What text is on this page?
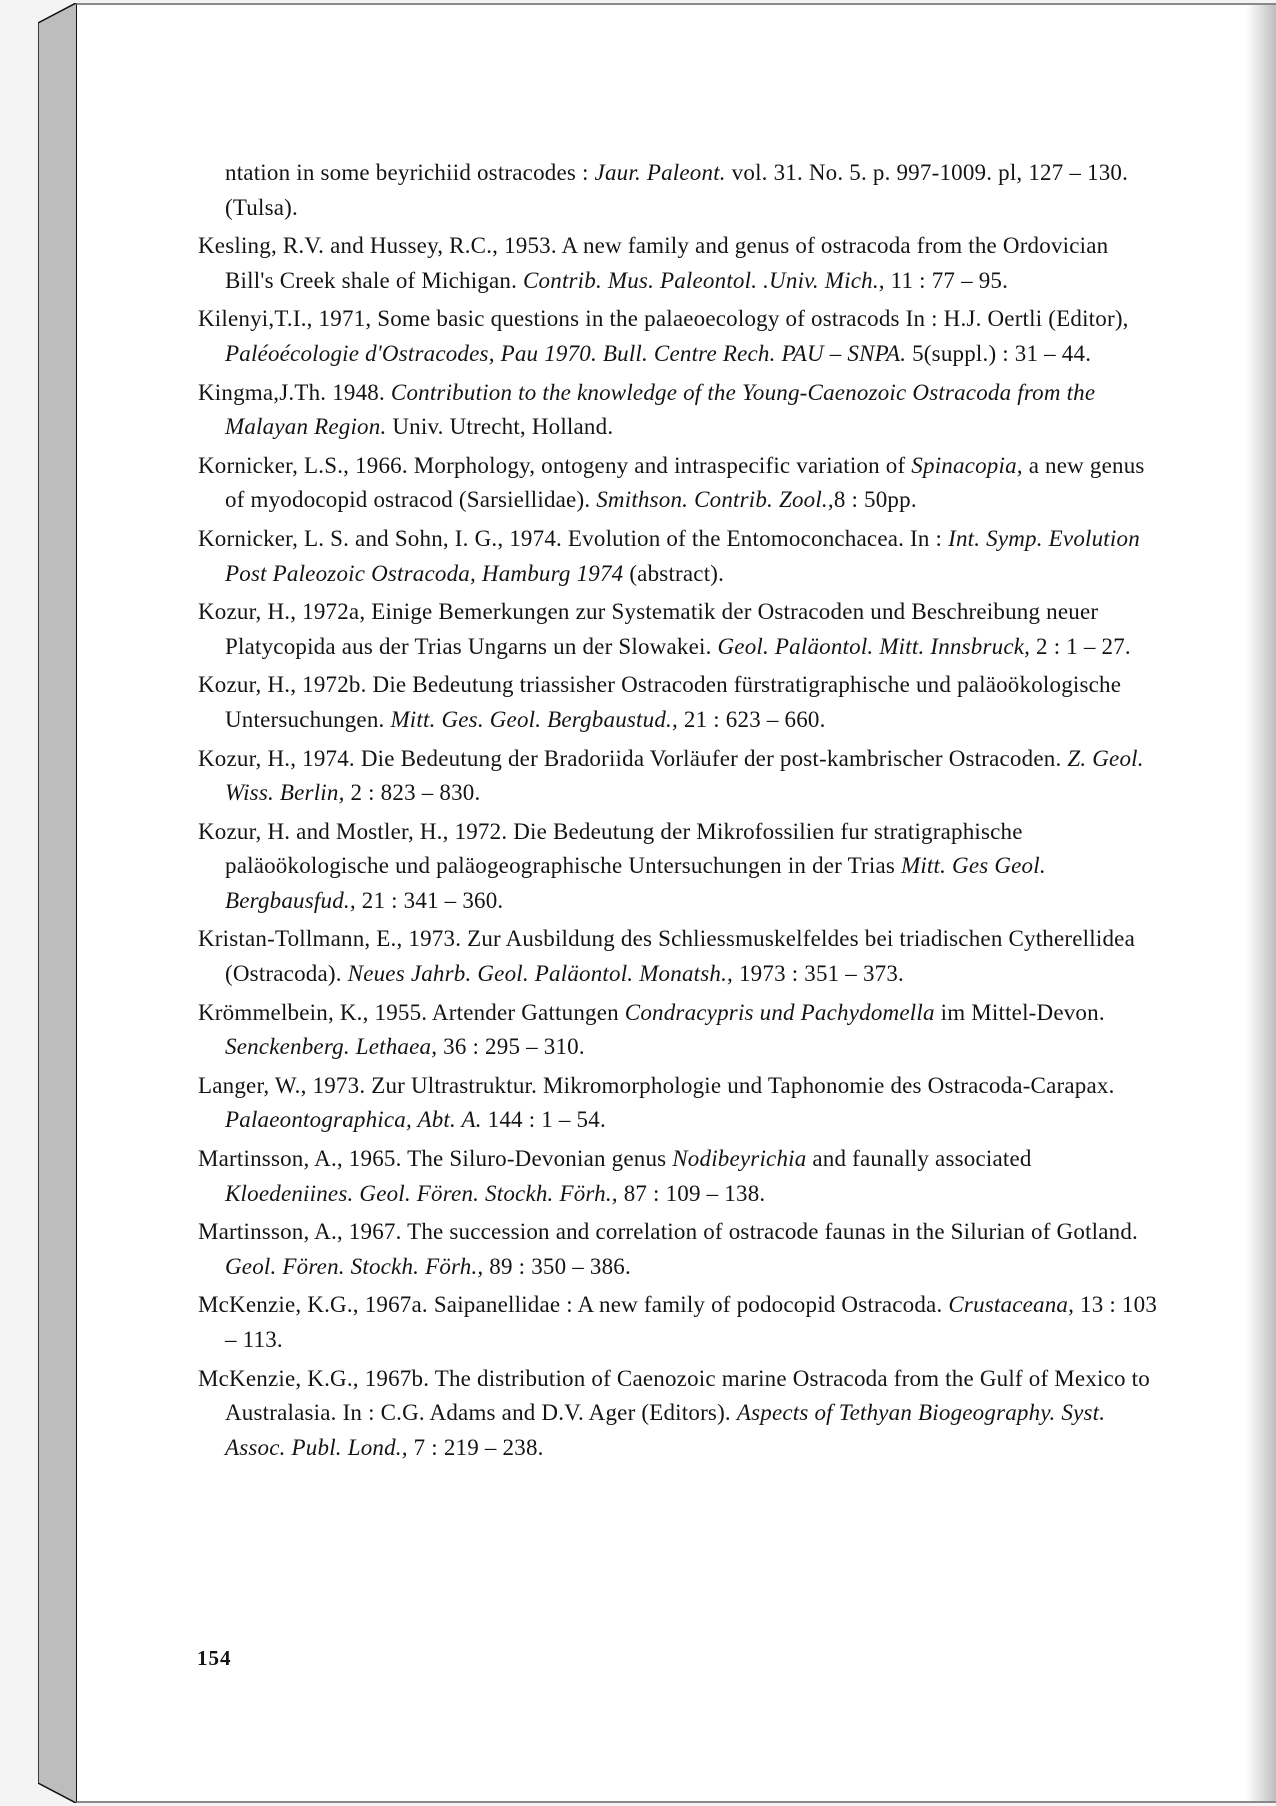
ntation in some beyrichiid ostracodes : Jaur. Paleont. vol. 31. No. 5. p. 997-1009. pl, 127 – 130. (Tulsa).

Kesling, R.V. and Hussey, R.C., 1953. A new family and genus of ostracoda from the Ordovician Bill's Creek shale of Michigan. Contrib. Mus. Paleontol. .Univ. Mich., 11 : 77 – 95.

Kilenyi,T.I., 1971, Some basic questions in the palaeoecology of ostracods In : H.J. Oertli (Editor), Paléoécologie d'Ostracodes, Pau 1970. Bull. Centre Rech. PAU – SNPA. 5(suppl.) : 31 – 44.

Kingma,J.Th. 1948. Contribution to the knowledge of the Young-Caenozoic Ostracoda from the Malayan Region. Univ. Utrecht, Holland.

Kornicker, L.S., 1966. Morphology, ontogeny and intraspecific variation of Spinacopia, a new genus of myodocopid ostracod (Sarsiellidae). Smithson. Contrib. Zool.,8 : 50pp.

Kornicker, L. S. and Sohn, I. G., 1974. Evolution of the Entomoconchacea. In : Int. Symp. Evolution Post Paleozoic Ostracoda, Hamburg 1974 (abstract).

Kozur, H., 1972a, Einige Bemerkungen zur Systematik der Ostracoden und Beschreibung neuer Platycopida aus der Trias Ungarns un der Slowakei. Geol. Paläontol. Mitt. Innsbruck, 2 : 1 – 27.

Kozur, H., 1972b. Die Bedeutung triassisher Ostracoden fürstratigraphische und paläoökologische Untersuchungen. Mitt. Ges. Geol. Bergbaustud., 21 : 623 – 660.

Kozur, H., 1974. Die Bedeutung der Bradoriida Vorläufer der post-kambrischer Ostracoden. Z. Geol. Wiss. Berlin, 2 : 823 – 830.

Kozur, H. and Mostler, H., 1972. Die Bedeutung der Mikrofossilien fur stratigraphische paläoökologische und paläogeographische Untersuchungen in der Trias Mitt. Ges Geol. Bergbausfud., 21 : 341 – 360.

Kristan-Tollmann, E., 1973. Zur Ausbildung des Schliessmuskelfeldes bei triadischen Cytherellidea (Ostracoda). Neues Jahrb. Geol. Paläontol. Monatsh., 1973 : 351 – 373.

Krömmelbein, K., 1955. Artender Gattungen Condracypris und Pachydomella im Mittel-Devon. Senckenberg. Lethaea, 36 : 295 – 310.

Langer, W., 1973. Zur Ultrastruktur. Mikromorphologie und Taphonomie des Ostracoda-Carapax. Palaeontographica, Abt. A. 144 : 1 – 54.

Martinsson, A., 1965. The Siluro-Devonian genus Nodibeyrichia and faunally associated Kloedeniines. Geol. Fören. Stockh. Förh., 87 : 109 – 138.

Martinsson, A., 1967. The succession and correlation of ostracode faunas in the Silurian of Gotland. Geol. Fören. Stockh. Förh., 89 : 350 – 386.

McKenzie, K.G., 1967a. Saipanellidae : A new family of podocopid Ostracoda. Crustaceana, 13 : 103 – 113.

McKenzie, K.G., 1967b. The distribution of Caenozoic marine Ostracoda from the Gulf of Mexico to Australasia. In : C.G. Adams and D.V. Ager (Editors). Aspects of Tethyan Biogeography. Syst. Assoc. Publ. Lond., 7 : 219 – 238.

154
